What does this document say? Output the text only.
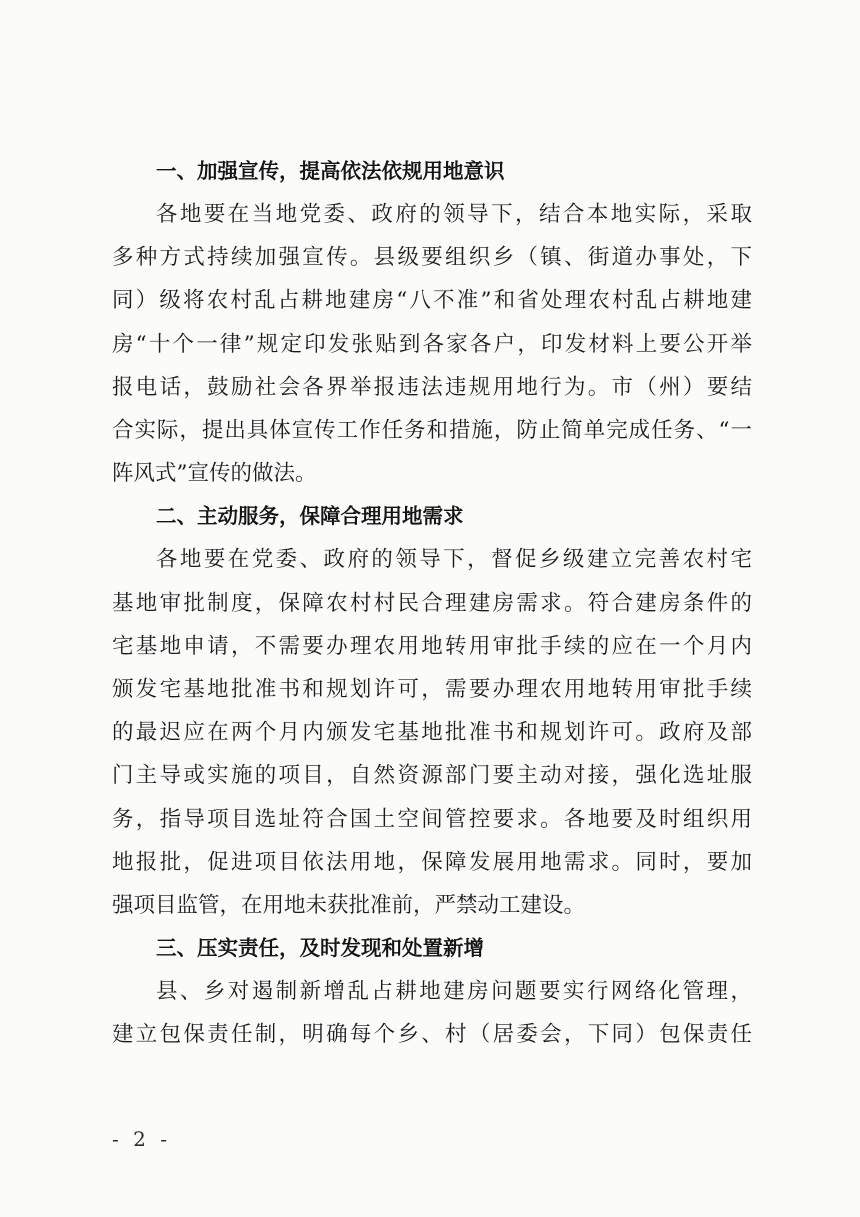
一、加强宣传，提高依法依规用地意识

各地要在当地党委、政府的领导下，结合本地实际，采取
多种方式持续加强宣传。县级要组织乡（镇、街道办事处，下
同）级将农村乱占耕地建房“八不准”和省处理农村乱占耕地建
房“十个一律”规定印发张贴到各家各户，印发材料上要公开举
报电话，鼓励社会各界举报违法违规用地行为。市（州）要结
合实际，提出具体宣传工作任务和措施，防止简单完成任务、“一
阵风式”宣传的做法。

二、主动服务，保障合理用地需求

各地要在党委、政府的领导下，督促乡级建立完善农村宅
基地审批制度，保障农村村民合理建房需求。符合建房条件的
宅基地申请，不需要办理农用地转用审批手续的应在一个月内
颁发宅基地批准书和规划许可，需要办理农用地转用审批手续
的最迟应在两个月内颁发宅基地批准书和规划许可。政府及部
门主导或实施的项目，自然资源部门要主动对接，强化选址服
务，指导项目选址符合国土空间管控要求。各地要及时组织用
地报批，促进项目依法用地，保障发展用地需求。同时，要加
强项目监管，在用地未获批准前，严禁动工建设。

三、压实责任，及时发现和处置新增

县、乡对遏制新增乱占耕地建房问题要实行网络化管理，
建立包保责任制，明确每个乡、村（居委会，下同）包保责任

- 2 -
